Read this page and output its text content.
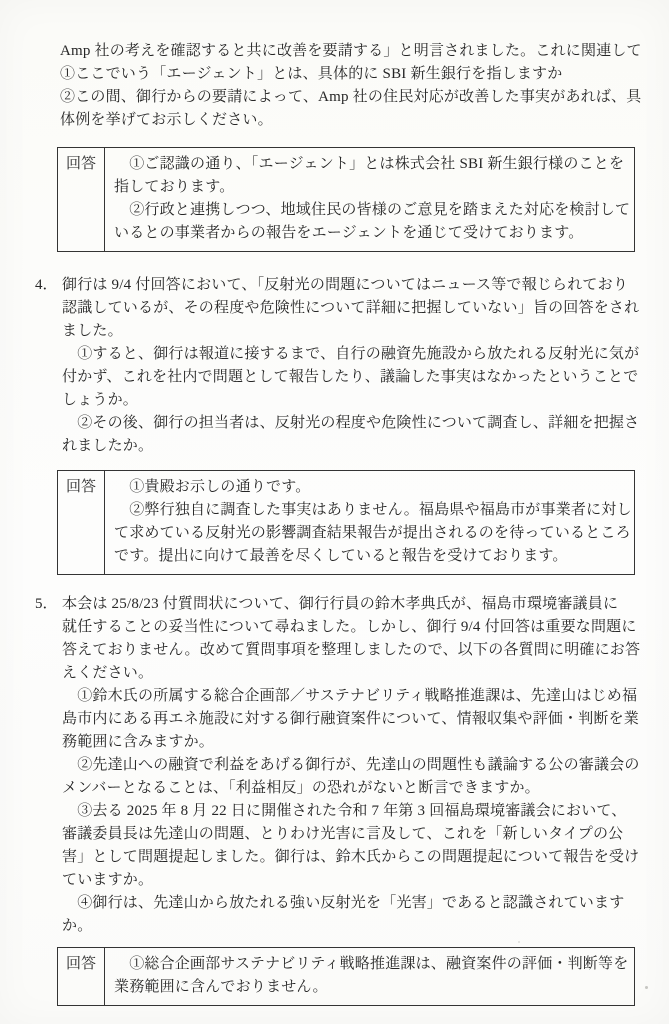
Amp 社の考えを確認すると共に改善を要請する」と明言されました。これに関連して
①ここでいう「エージェント」とは、具体的に SBI 新生銀行を指しますか
②この間、御行からの要請によって、Amp 社の住民対応が改善した事実があれば、具
体例を挙げてお示しください。
回答	　①ご認識の通り、「エージェント」とは株式会社 SBI 新生銀行様のことを
指しております。
　②行政と連携しつつ、地域住民の皆様のご意見を踏まえた対応を検討して
いるとの事業者からの報告をエージェントを通じて受けております。
4． 御行は 9/4 付回答において、「反射光の問題についてはニュース等で報じられており
認識しているが、その程度や危険性について詳細に把握していない」旨の回答をされ
ました。
　①すると、御行は報道に接するまで、自行の融資先施設から放たれる反射光に気が
付かず、これを社内で問題として報告したり、議論した事実はなかったということで
しょうか。
　②その後、御行の担当者は、反射光の程度や危険性について調査し、詳細を把握さ
れましたか。
回答	　①貴殿お示しの通りです。
　②弊行独自に調査した事実はありません。福島県や福島市が事業者に対し
て求めている反射光の影響調査結果報告が提出されるのを待っているところ
です。提出に向けて最善を尽くしていると報告を受けております。
5． 本会は 25/8/23 付質問状について、御行行員の鈴木孝典氏が、福島市環境審議員に
就任することの妥当性について尋ねました。しかし、御行 9/4 付回答は重要な問題に
答えておりません。改めて質問事項を整理しましたので、以下の各質問に明確にお答
えください。
　①鈴木氏の所属する総合企画部／サステナビリティ戦略推進課は、先達山はじめ福
島市内にある再エネ施設に対する御行融資案件について、情報収集や評価・判断を業
務範囲に含みますか。
　②先達山への融資で利益をあげる御行が、先達山の問題性も議論する公の審議会の
メンバーとなることは、「利益相反」の恐れがないと断言できますか。
　③去る 2025 年 8 月 22 日に開催された令和 7 年第 3 回福島環境審議会において、
審議委員長は先達山の問題、とりわけ光害に言及して、これを「新しいタイプの公
害」として問題提起しました。御行は、鈴木氏からこの問題提起について報告を受け
ていますか。
　④御行は、先達山から放たれる強い反射光を「光害」であると認識されています
か。
回答	　①総合企画部サステナビリティ戦略推進課は、融資案件の評価・判断等を
業務範囲に含んでおりません。
